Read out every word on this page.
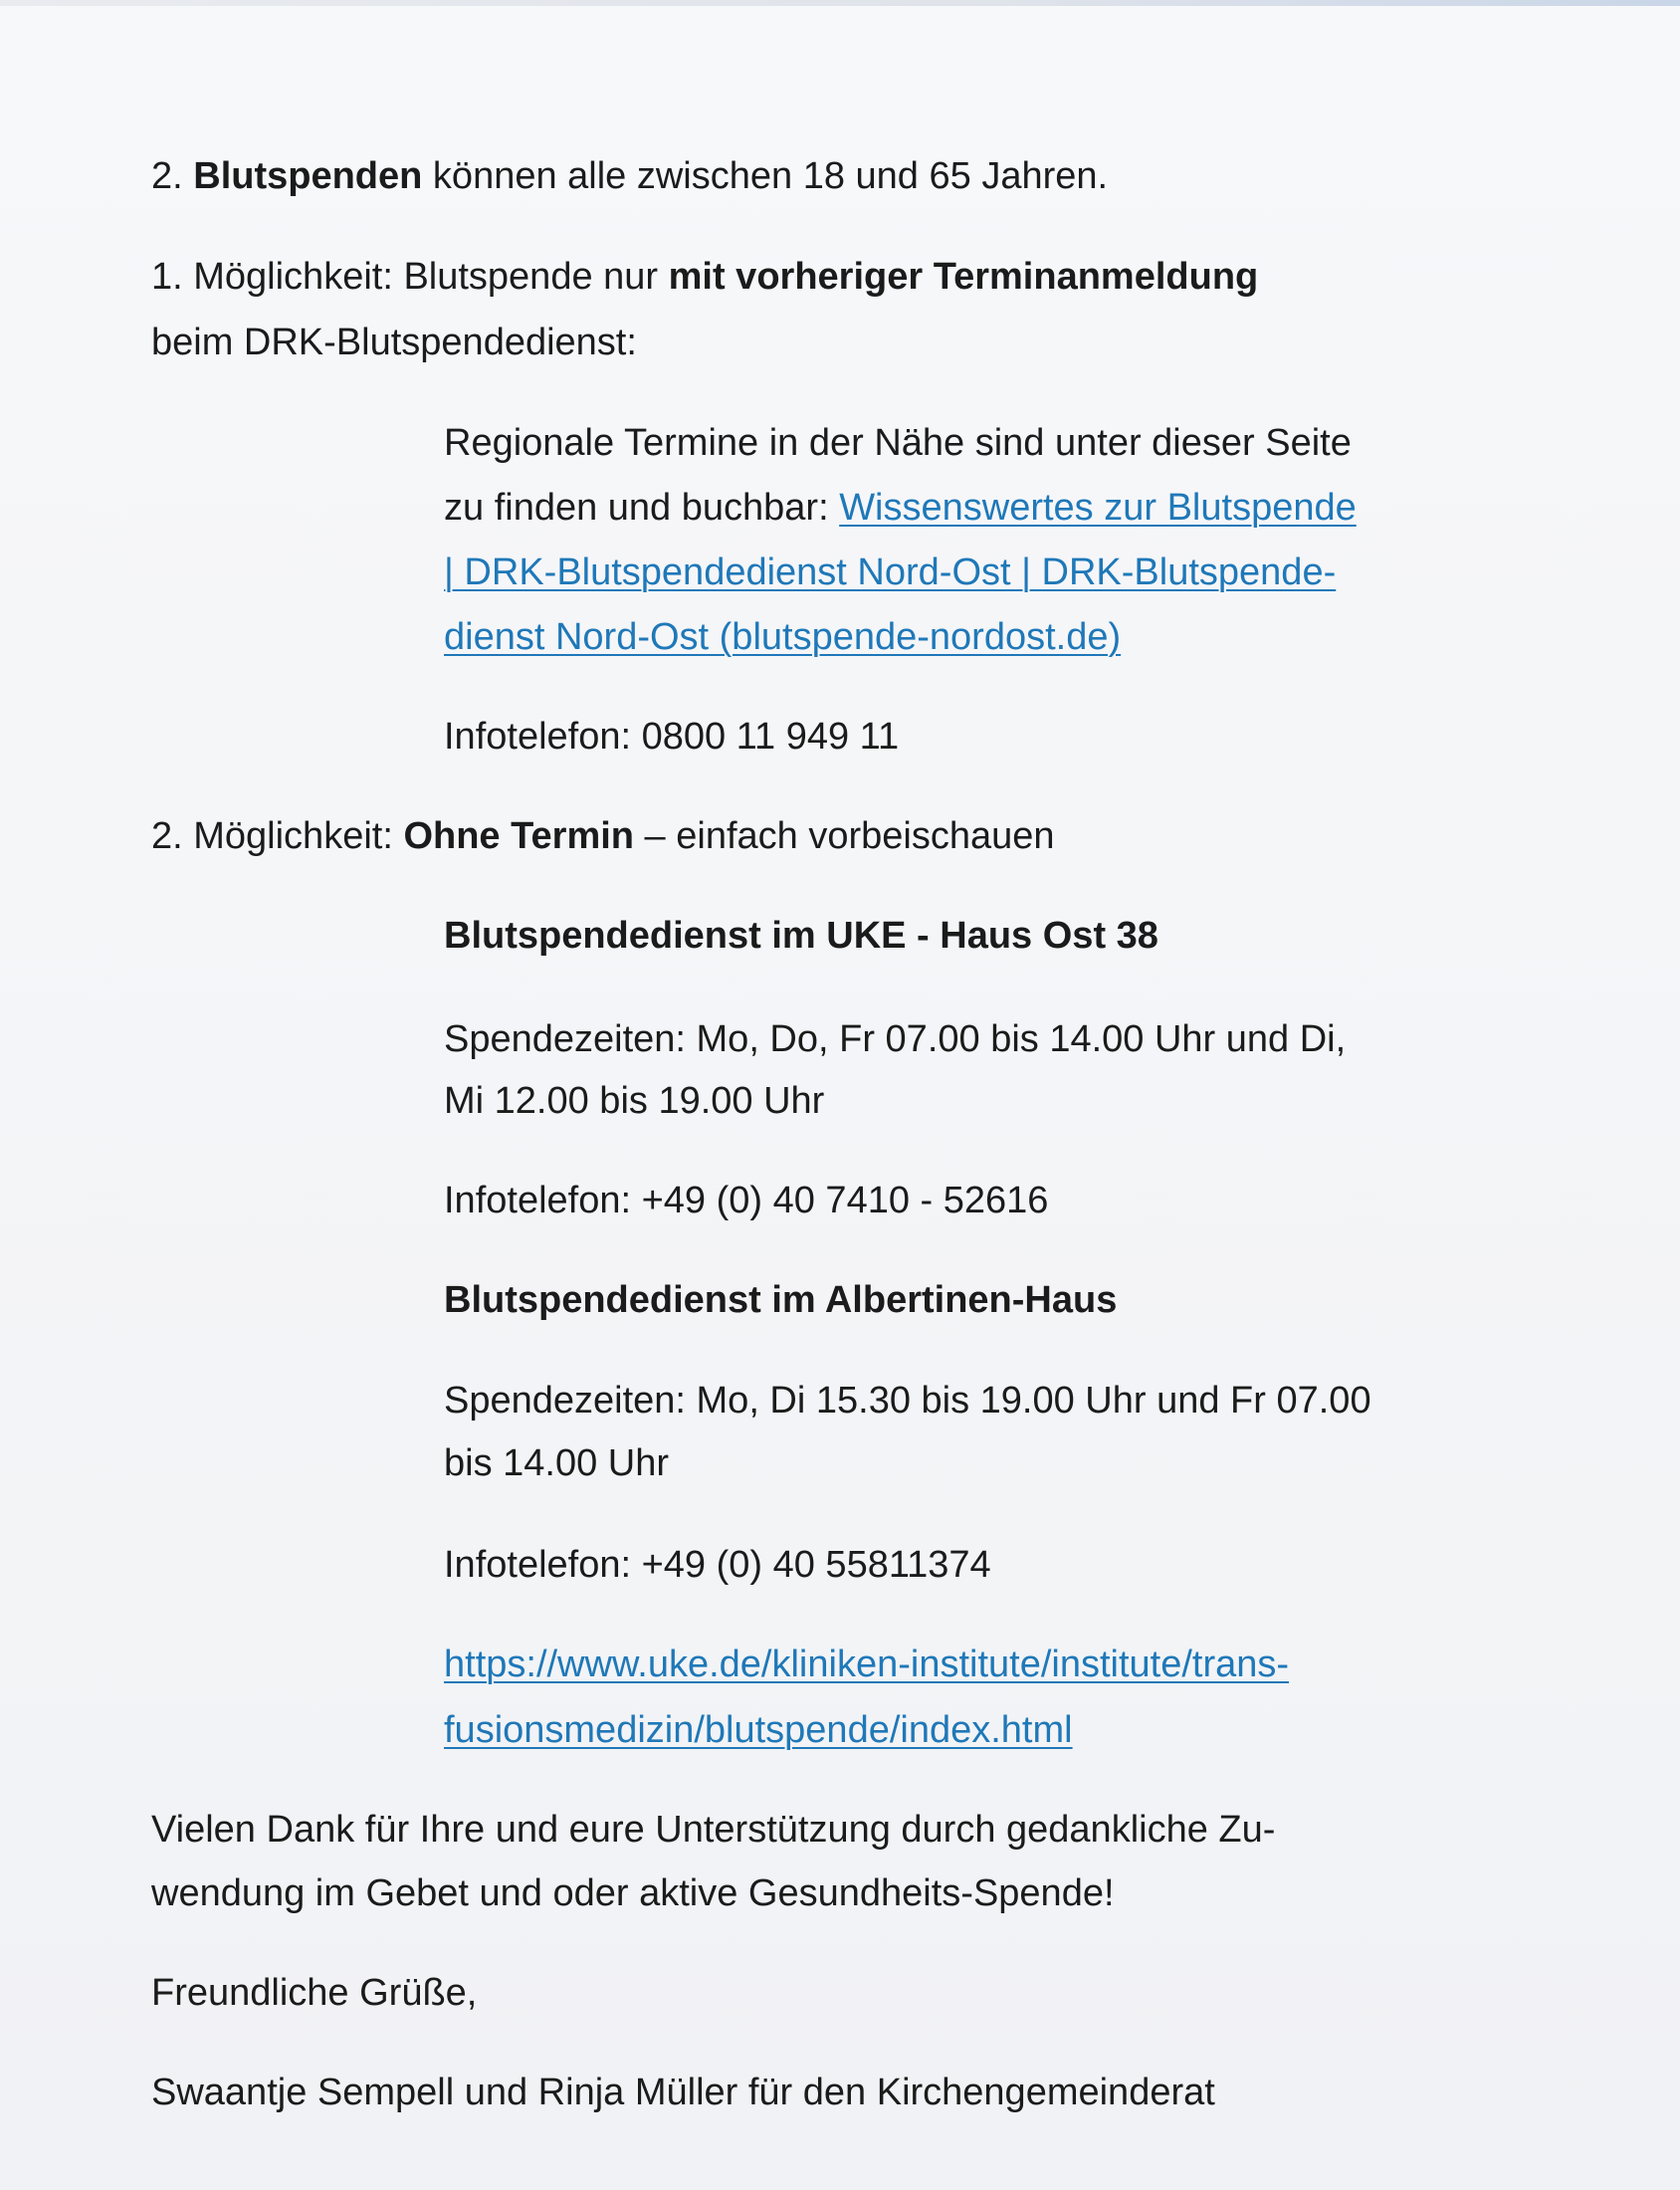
2. Blutspenden können alle zwischen 18 und 65 Jahren.
1. Möglichkeit: Blutspende nur mit vorheriger Terminanmeldung
beim DRK-Blutspendedienst:
Regionale Termine in der Nähe sind unter dieser Seite
zu finden und buchbar: Wissenswertes zur Blutspende
| DRK-Blutspendedienst Nord-Ost | DRK-Blutspende-
dienst Nord-Ost (blutspende-nordost.de)
Infotelefon: 0800 11 949 11
2. Möglichkeit: Ohne Termin – einfach vorbeischauen
Blutspendedienst im UKE - Haus Ost 38
Spendezeiten: Mo, Do, Fr 07.00 bis 14.00 Uhr und Di,
Mi 12.00 bis 19.00 Uhr
Infotelefon: +49 (0) 40 7410 - 52616
Blutspendedienst im Albertinen-Haus
Spendezeiten: Mo, Di 15.30 bis 19.00 Uhr und Fr 07.00
bis 14.00 Uhr
Infotelefon: +49 (0) 40 55811374
https://www.uke.de/kliniken-institute/institute/trans-
fusionsmedizin/blutspende/index.html
Vielen Dank für Ihre und eure Unterstützung durch gedankliche Zu-
wendung im Gebet und oder aktive Gesundheits-Spende!
Freundliche Grüße,
Swaantje Sempell und Rinja Müller für den Kirchengemeinderat
